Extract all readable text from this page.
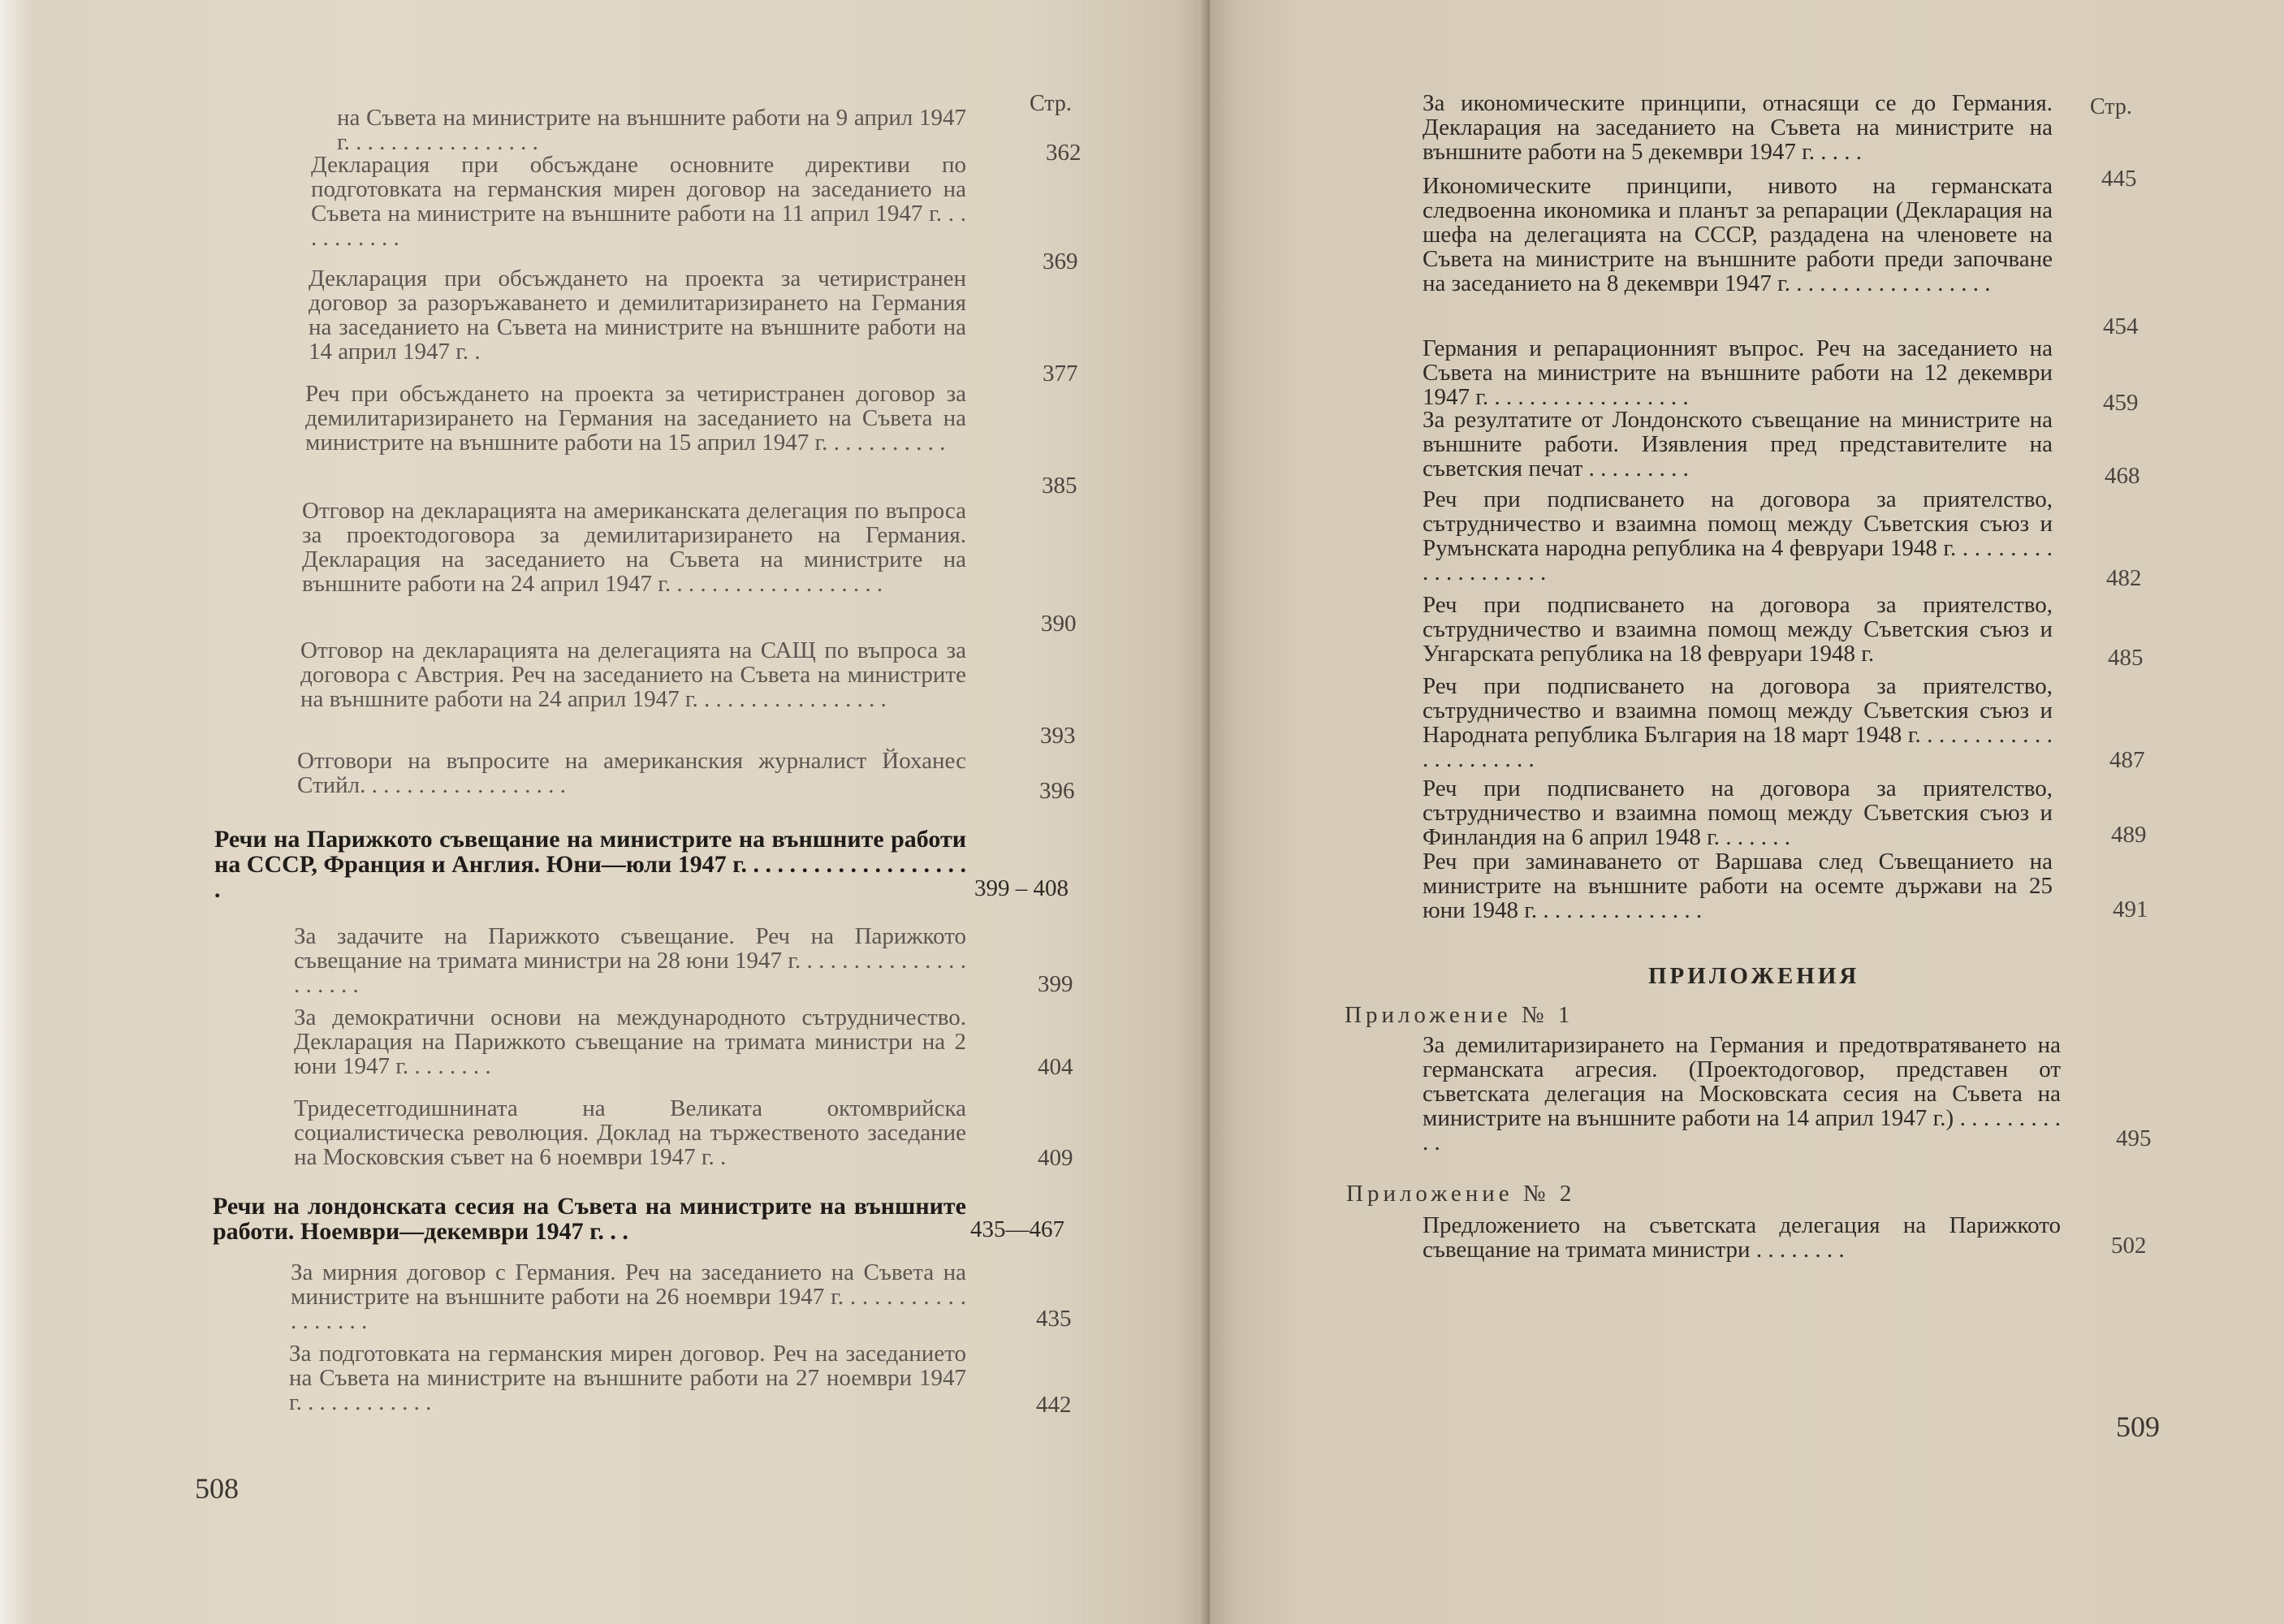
Стр.
на Съвета на министрите на външните работи на 9 април 1947 г. . . . . . . . . . . . . . . . .	362
Декларация при обсъждане основните директиви по подготовката на германския мирен договор на заседанието на Съвета на министрите на външните работи на 11 април 1947 г. . . . . . . . . . .
369
Декларация при обсъждането на проекта за четиристранен договор за разоръжаването и демилитаризирането на Германия на заседанието на Съвета на министрите на външните работи на 14 април 1947 г. .
377
Реч при обсъждането на проекта за четиристранен договор за демилитаризирането на Германия на заседанието на Съвета на министрите на външните работи на 15 април 1947 г. . . . . . . . . . .
385
Отговор на декларацията на американската делегация по въпроса за проектодоговора за демилитаризирането на Германия. Декларация на заседанието на Съвета на министрите на външните работи на 24 април 1947 г. . . . . . . . . . . . . . . . . . .
390
Отговор на декларацията на делегацията на САЩ по въпроса за договора с Австрия. Реч на заседанието на Съвета на министрите на външните работи на 24 април 1947 г. . . . . . . . . . . . . . . . .
393
Отговори на въпросите на американския журналист Йоханес Стийл. . . . . . . . . . . . . . . . . .	396
Речи на Парижкото съвещание на министрите на външните работи на СССР, Франция и Англия. Юни—юли 1947 г. . . . . . . . . . . . . . . . . . . .	399 – 408
За задачите на Парижкото съвещание. Реч на Парижкото съвещание на тримата министри на 28 юни 1947 г. . . . . . . . . . . . . . . . . . . . .	399
За демократични основи на международното сътрудничество. Декларация на Парижкото съвещание на тримата министри на 2 юни 1947 г. . . . . . . .	404
Тридесетгодишнината на Великата октомврийска социалистическа революция. Доклад на тържественото заседание на Московския съвет на 6 ноември 1947 г. .	409
Речи на лондонската сесия на Съвета на министрите на външните работи. Ноември—декември 1947 г. . .	435—467
За мирния договор с Германия. Реч на заседанието на Съвета на министрите на външните работи на 26 ноември 1947 г. . . . . . . . . . . . . . . . . .	435
За подготовката на германския мирен договор. Реч на заседанието на Съвета на министрите на външните работи на 27 ноември 1947 г. . . . . . . . . . . .	442
508
Стр.
За икономическите принципи, отнасящи се до Германия. Декларация на заседанието на Съвета на министрите на външните работи на 5 декември 1947 г. . . . .
445
Икономическите принципи, нивото на германската следвоенна икономика и планът за репарации (Декларация на шефа на делегацията на СССР, раздадена на членовете на Съвета на министрите на външните работи преди започване на заседанието на 8 декември 1947 г. . . . . . . . . . . . . . . . . .
454
Германия и репарационният въпрос. Реч на заседанието на Съвета на министрите на външните работи на 12 декември 1947 г. . . . . . . . . . . . . . . . . .	459
За резултатите от Лондонското съвещание на министрите на външните работи. Изявления пред представителите на съветския печат . . . . . . . . .	468
Реч при подписването на договора за приятелство, сътрудничество и взаимна помощ между Съветския съюз и Румънската народна република на 4 февруари 1948 г. . . . . . . . . . . . . . . . . . . .	482
Реч при подписването на договора за приятелство, сътрудничество и взаимна помощ между Съветския съюз и Унгарската република на 18 февруари 1948 г.	485
Реч при подписването на договора за приятелство, сътрудничество и взаимна помощ между Съветския съюз и Народната република България на 18 март 1948 г. . . . . . . . . . . . . . . . . . . . . .	487
Реч при подписването на договора за приятелство, сътрудничество и взаимна помощ между Съветския съюз и Финландия на 6 април 1948 г. . . . . . .	489
Реч при заминаването от Варшава след Съвещанието на министрите на външните работи на осемте държави на 25 юни 1948 г. . . . . . . . . . . . . . .	491
ПРИЛОЖЕНИЯ
Приложение № 1
За демилитаризирането на Германия и предотвратяването на германската агресия. (Проектодоговор, представен от съветската делегация на Московската сесия на Съвета на министрите на външните работи на 14 април 1947 г.) . . . . . . . . . . .	495
Приложение № 2
Предложението на съветската делегация на Парижкото съвещание на тримата министри . . . . . . . .	502
509
